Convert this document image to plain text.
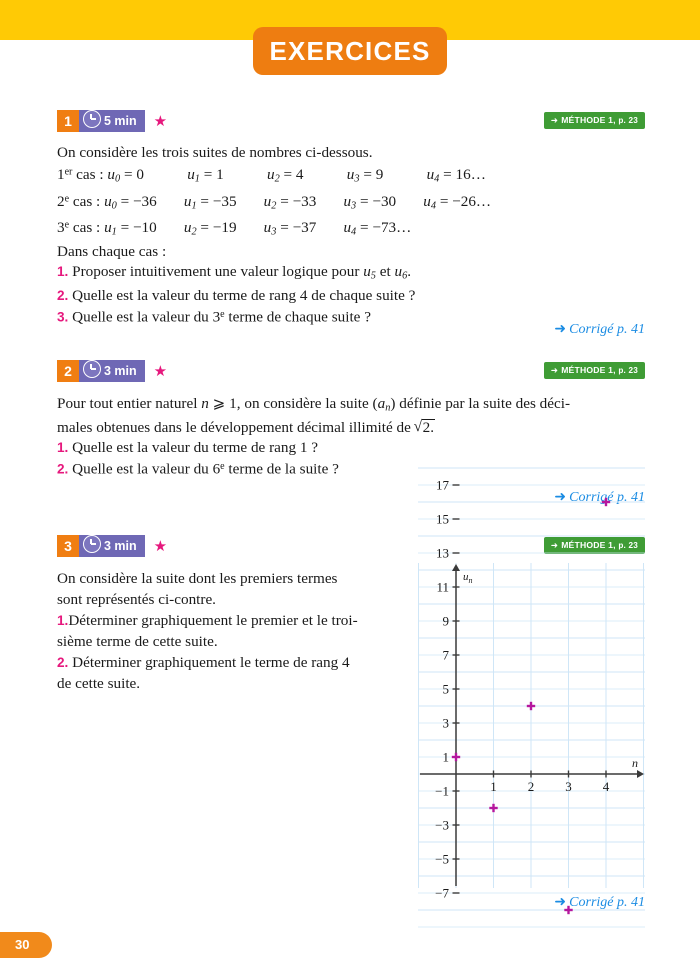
EXERCICES
1	5 min ★	➜ MÉTHODE 1, p. 23
On considère les trois suites de nombres ci-dessous.
1er cas : $u_0 = 0$	$u_1 = 1$	$u_2 = 4$	$u_3 = 9$	$u_4$ = 16…
2e cas : $u_0 = -36$ $u_1 = -35$ $u_2 = -33$ $u_3 = -30$ $u_4$ = −26…
3e cas : $u_1 = -10$ $u_2 = -19$ $u_3 = -37$ $u_4$ = −73…
Dans chaque cas :
1. Proposer intuitivement une valeur logique pour $u_5$ et $u_6$.
2. Quelle est la valeur du terme de rang 4 de chaque suite ?
3. Quelle est la valeur du 3e terme de chaque suite ?
➜ Corrigé p. 41
2	3 min ★	➜ MÉTHODE 1, p. 23
Pour tout entier naturel n ⩾ 1, on considère la suite $(a_n)$ définie par la suite des déci-
males obtenues dans le développement décimal illimité de √ 2.
1. Quelle est la valeur du terme de rang 1 ?
2. Quelle est la valeur du 6e terme de la suite ?
➜ Corrigé p. 41
3	3 min ★	➜ MÉTHODE 1, p. 23
On considère la suite dont les premiers termes
sont représentés ci-contre.
1.Déterminer graphiquement le premier et le troi-
sième terme de cette suite.
2. Déterminer graphiquement le terme de rang 4
de cette suite.
17
15
13
11
9
7
5
3
1
−1
−3
−5
−7
1 2 3 4
$u_n$
n
➜ Corrigé p. 41
30
